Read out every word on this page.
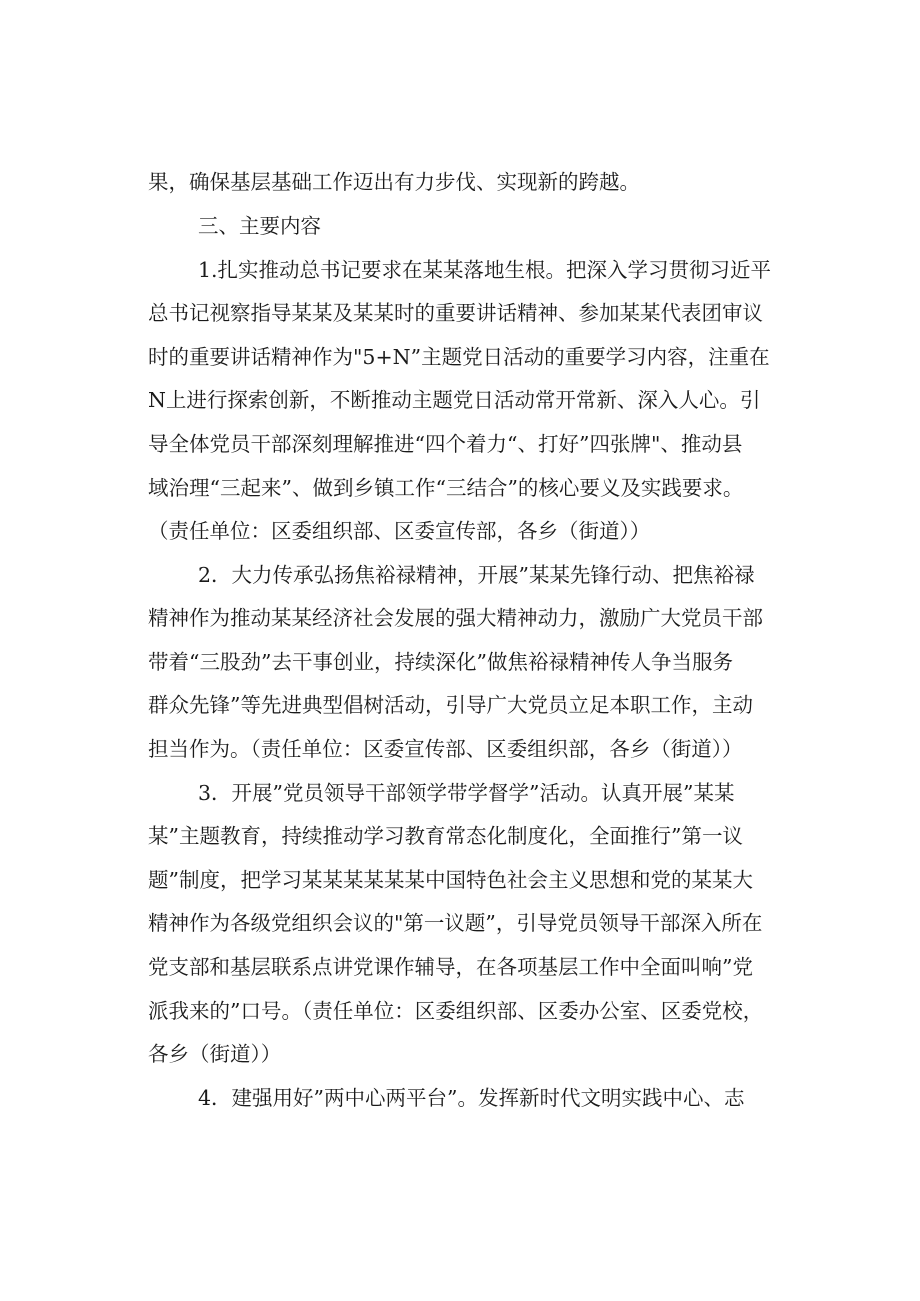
果，确保基层基础工作迈出有力步伐、实现新的跨越。

三、主要内容

1.扎实推动总书记要求在某某落地生根。把深入学习贯彻习近平

总书记视察指导某某及某某时的重要讲话精神、参加某某代表团审议

时的重要讲话精神作为"5+N”主题党日活动的重要学习内容，注重在

N上进行探索创新，不断推动主题党日活动常开常新、深入人心。引

导全体党员干部深刻理解推进“四个着力“、打好”四张牌"、推动县

域治理“三起来”、做到乡镇工作“三结合”的核心要义及实践要求。

（责任单位：区委组织部、区委宣传部，各乡（街道））

2．大力传承弘扬焦裕禄精神，开展”某某先锋行动、把焦裕禄

精神作为推动某某经济社会发展的强大精神动力，激励广大党员干部

带着“三股劲”去干事创业，持续深化”做焦裕禄精神传人争当服务

群众先锋”等先进典型倡树活动，引导广大党员立足本职工作，主动

担当作为。（责任单位：区委宣传部、区委组织部，各乡（街道））

3．开展”党员领导干部领学带学督学”活动。认真开展”某某

某”主题教育，持续推动学习教育常态化制度化，全面推行”第一议

题”制度，把学习某某某某某某中国特色社会主义思想和党的某某大

精神作为各级党组织会议的"第一议题”，引导党员领导干部深入所在

党支部和基层联系点讲党课作辅导，在各项基层工作中全面叫响”党

派我来的”口号。（责任单位：区委组织部、区委办公室、区委党校，

各乡（街道））

4．建强用好”两中心两平台”。发挥新时代文明实践中心、志
